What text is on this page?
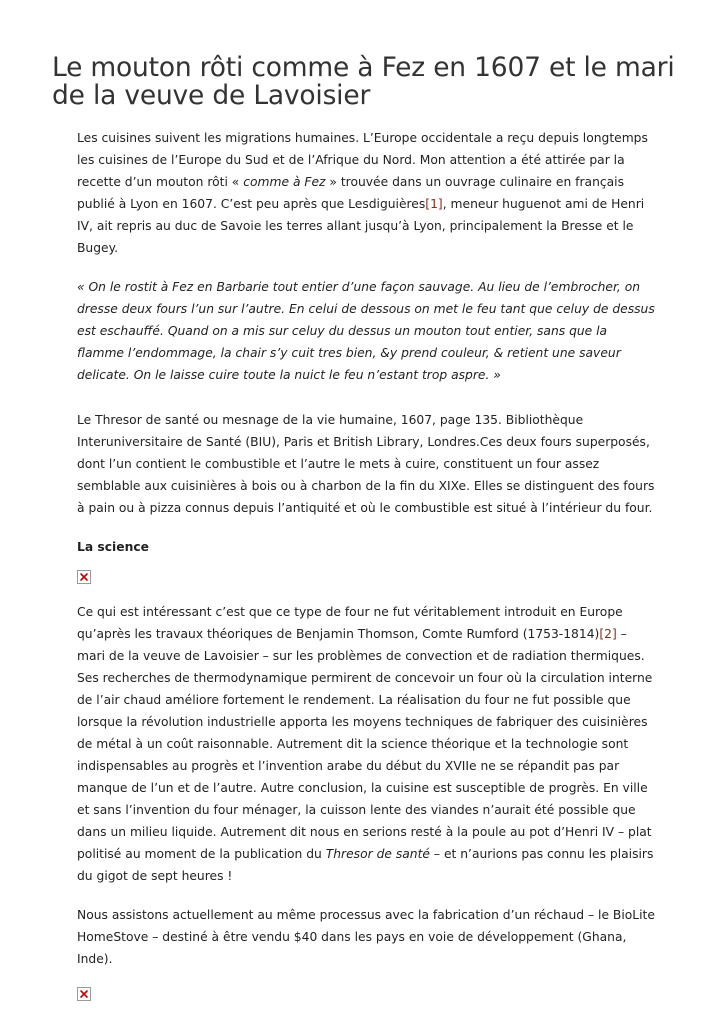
Le mouton rôti comme à Fez en 1607 et le mari de la veuve de Lavoisier

Les cuisines suivent les migrations humaines. L’Europe occidentale a reçu depuis longtemps les cuisines de l’Europe du Sud et de l’Afrique du Nord. Mon attention a été attirée par la recette d’un mouton rôti « comme à Fez » trouvée dans un ouvrage culinaire en français publié à Lyon en 1607. C’est peu après que Lesdiguières[1], meneur huguenot ami de Henri IV, ait repris au duc de Savoie les terres allant jusqu’à Lyon, principalement la Bresse et le Bugey.

« On le rostit à Fez en Barbarie tout entier d’une façon sauvage. Au lieu de l’embrocher, on dresse deux fours l’un sur l’autre. En celui de dessous on met le feu tant que celuy de dessus est eschauffé. Quand on a mis sur celuy du dessus un mouton tout entier, sans que la flamme l’endommage, la chair s’y cuit tres bien, &y prend couleur, & retient une saveur delicate. On le laisse cuire toute la nuict le feu n’estant trop aspre. »

Le Thresor de santé ou mesnage de la vie humaine, 1607, page 135. Bibliothèque Interuniversitaire de Santé (BIU), Paris et British Library, Londres.Ces deux fours superposés, dont l’un contient le combustible et l’autre le mets à cuire, constituent un four assez semblable aux cuisinières à bois ou à charbon de la fin du XIXe. Elles se distinguent des fours à pain ou à pizza connus depuis l’antiquité et où le combustible est situé à l’intérieur du four.

La science

Ce qui est intéressant c’est que ce type de four ne fut véritablement introduit en Europe qu’après les travaux théoriques de Benjamin Thomson, Comte Rumford (1753-1814)[2] – mari de la veuve de Lavoisier – sur les problèmes de convection et de radiation thermiques. Ses recherches de thermodynamique permirent de concevoir un four où la circulation interne de l’air chaud améliore fortement le rendement. La réalisation du four ne fut possible que lorsque la révolution industrielle apporta les moyens techniques de fabriquer des cuisinières de métal à un coût raisonnable. Autrement dit la science théorique et la technologie sont indispensables au progrès et l’invention arabe du début du XVIIe ne se répandit pas par manque de l’un et de l’autre. Autre conclusion, la cuisine est susceptible de progrès. En ville et sans l’invention du four ménager, la cuisson lente des viandes n’aurait été possible que dans un milieu liquide. Autrement dit nous en serions resté à la poule au pot d’Henri IV – plat politisé au moment de la publication du Thresor de santé – et n’aurions pas connu les plaisirs du gigot de sept heures !

Nous assistons actuellement au même processus avec la fabrication d’un réchaud – le BioLite HomeStove – destiné à être vendu $40 dans les pays en voie de développement (Ghana, Inde).
